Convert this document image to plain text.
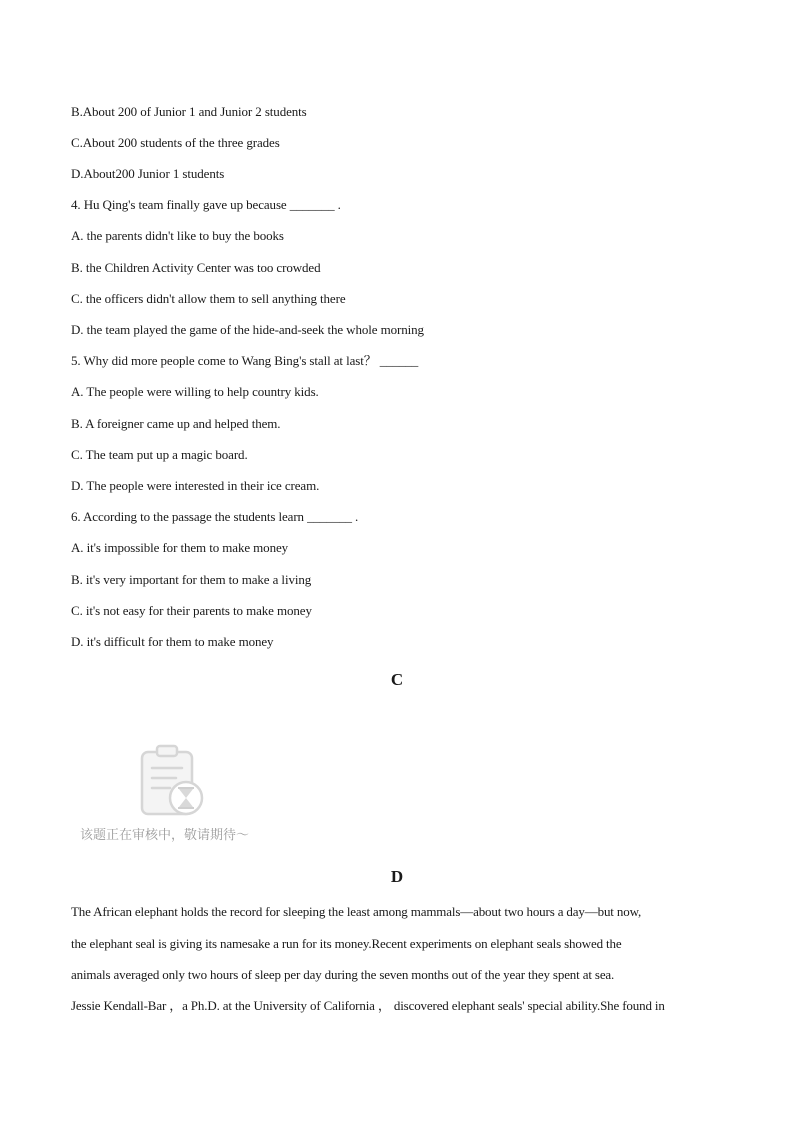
B.About 200 of Junior 1 and Junior 2 students
C.About 200 students of the three grades
D.About200 Junior 1 students
4. Hu Qing's team finally gave up because _______ .
A. the parents didn't like to buy the books
B. the Children Activity Center was too crowded
C. the officers didn't allow them to sell anything there
D. the team played the game of the hide-and-seek the whole morning
5. Why did more people come to Wang Bing's stall at last？ ______
A. The people were willing to help country kids.
B. A foreigner came up and helped them.
C. The team put up a magic board.
D. The people were interested in their ice cream.
6. According to the passage the students learn _______ .
A. it's impossible for them to make money
B. it's very important for them to make a living
C. it's not easy for their parents to make money
D. it's difficult for them to make money
C
该题正在审核中，敬请期待～
D
The African elephant holds the record for sleeping the least among mammals—about two hours a day—but now,
the elephant seal is giving its namesake a run for its money.Recent experiments on elephant seals showed the
animals averaged only two hours of sleep per day during the seven months out of the year they spent at sea.
Jessie Kendall-Bar ，a Ph.D. at the University of California ， discovered elephant seals' special ability.She found in
